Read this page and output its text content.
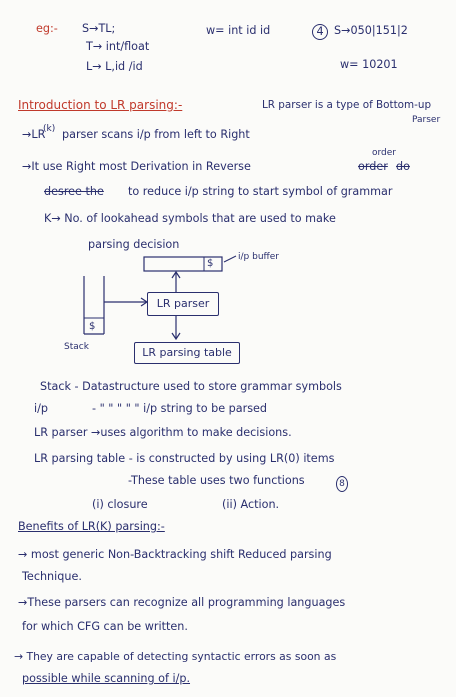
eg:- S→TL;
T→ int/float
L→ L,id /id
w= int id id	4 S→050|151|2
w= 10201
Introduction to LR parsing:-	LR parser is a type of Bottom-up
Parser
→LR
(k) parser scans i/p from left to Right
order
→It use Right most Derivation in Reverse	order do
desree the to reduce i/p string to start symbol of grammar
K→ No. of lookahead symbols that are used to make
parsing decision
$
i/p buffer
LR parser
$
Stack	LR parsing table
Stack - Datastructure used to store grammar symbols
i/p	- " " " " " i/p string to be parsed
LR parser →uses algorithm to make decisions.
LR parsing table - is constructed by using LR(0) items
-These table uses two functions	8
(i) closure	(ii) Action.
Benefits of LR(K) parsing:-
→ most generic Non-Backtracking shift Reduced parsing
Technique.
→These parsers can recognize all programming languages
for which CFG can be written.
→ They are capable of detecting syntactic errors as soon as
possible while scanning of i/p.
